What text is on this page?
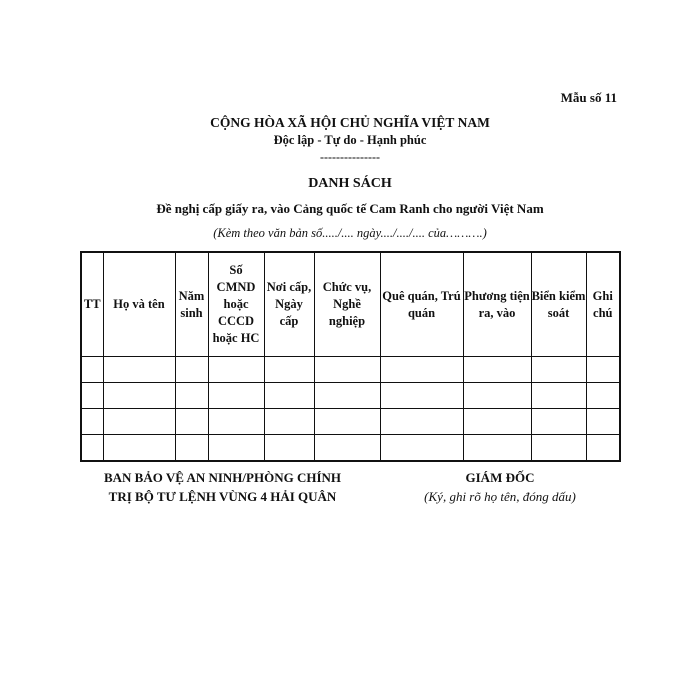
Mẫu số 11
CỘNG HÒA XÃ HỘI CHỦ NGHĨA VIỆT NAM
Độc lập - Tự do - Hạnh phúc
---------------
DANH SÁCH
Đề nghị cấp giấy ra, vào Cảng quốc tế Cam Ranh cho người Việt Nam
(Kèm theo văn bản số...../.... ngày..../..../.... của……….)
TT	Họ và tên	Năm sinh	Số CMND hoặc CCCD hoặc HC	Nơi cấp, Ngày cấp	Chức vụ, Nghề nghiệp	Quê quán, Trú quán	Phương tiện ra, vào	Biển kiểm soát	Ghi chú

BAN BẢO VỆ AN NINH/PHÒNG CHÍNH
TRỊ BỘ TƯ LỆNH VÙNG 4 HẢI QUÂN
GIÁM ĐỐC
(Ký, ghi rõ họ tên, đóng dấu)
